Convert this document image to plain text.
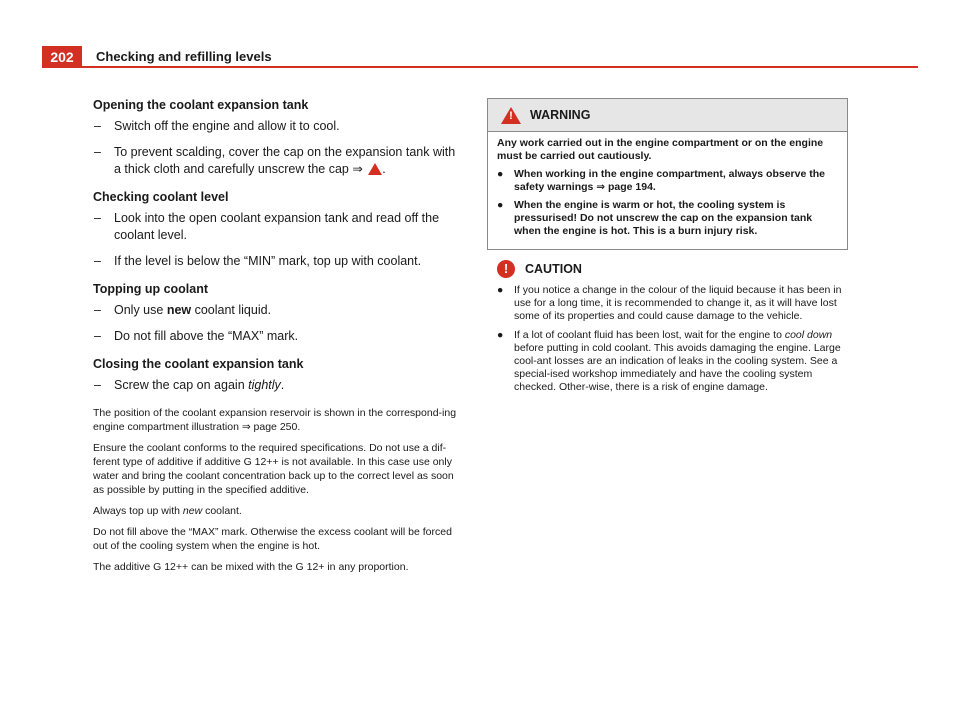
202	Checking and refilling levels
Opening the coolant expansion tank
–	Switch off the engine and allow it to cool.
–	To prevent scalding, cover the cap on the expansion tank with a thick cloth and carefully unscrew the cap ⇒ .
Checking coolant level
–	Look into the open coolant expansion tank and read off the coolant level.
–	If the level is below the “MIN” mark, top up with coolant.
Topping up coolant
–	Only use new coolant liquid.
–	Do not fill above the “MAX” mark.
Closing the coolant expansion tank
–	Screw the cap on again tightly.
The position of the coolant expansion reservoir is shown in the correspond-ing engine compartment illustration ⇒ page 250.
Ensure the coolant conforms to the required specifications. Do not use a dif-ferent type of additive if additive G 12++ is not available. In this case use only water and bring the coolant concentration back up to the correct level as soon as possible by putting in the specified additive.
Always top up with new coolant.
Do not fill above the “MAX” mark. Otherwise the excess coolant will be forced out of the cooling system when the engine is hot.
The additive G 12++ can be mixed with the G 12+ in any proportion.
! WARNING

Any work carried out in the engine compartment or on the engine must be carried out cautiously.

●	When working in the engine compartment, always observe the safety warnings ⇒ page 194.
●	When the engine is warm or hot, the cooling system is pressurised! Do not unscrew the cap on the expansion tank when the engine is hot. This is a burn injury risk.
!	CAUTION
●	If you notice a change in the colour of the liquid because it has been in use for a long time, it is recommended to change it, as it will have lost some of its properties and could cause damage to the vehicle.
●	If a lot of coolant fluid has been lost, wait for the engine to cool down before putting in cold coolant. This avoids damaging the engine. Large cool-ant losses are an indication of leaks in the cooling system. See a special-ised workshop immediately and have the cooling system checked. Other-wise, there is a risk of engine damage.
